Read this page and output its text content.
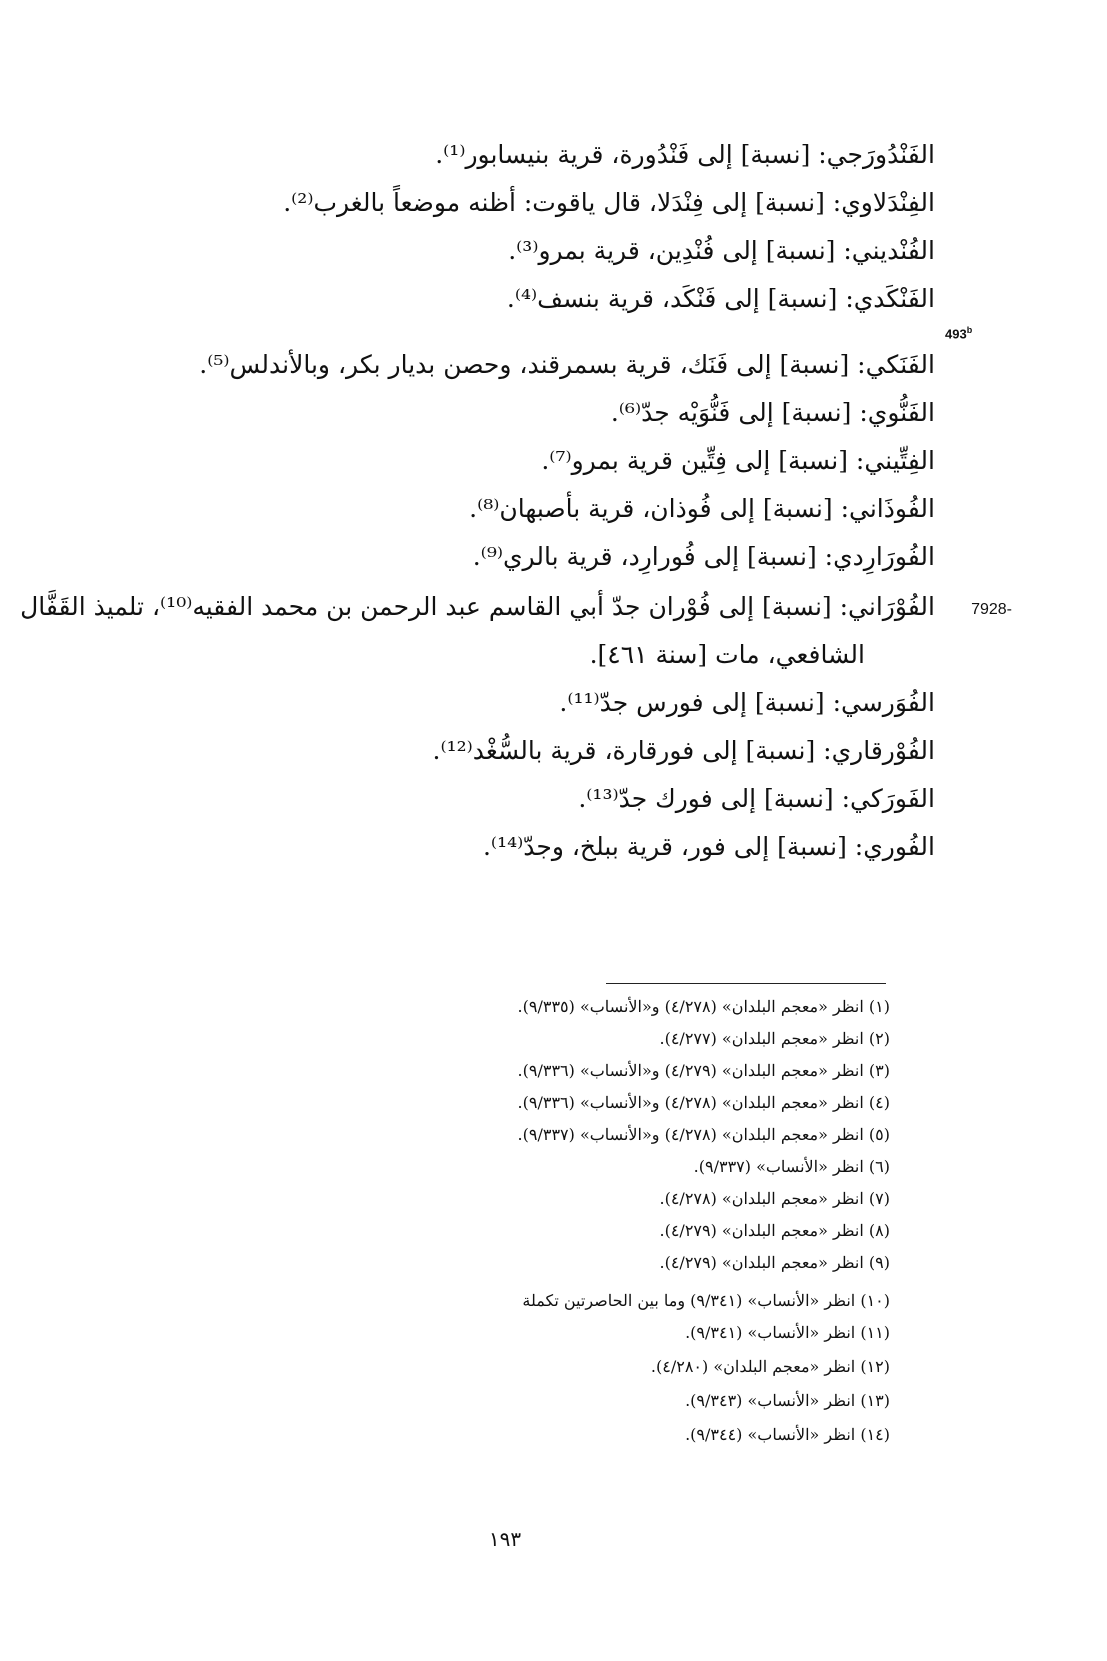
493$^b$
الفَنْدُورَجي: [نسبة] إلى فَنْدُورة، قرية بنيسابور⁽¹⁾.
الفِنْدَلاوي: [نسبة] إلى فِنْدَلا، قال ياقوت: أظنه موضعاً بالغرب⁽²⁾.
الفُنْديني: [نسبة] إلى فُنْدِين، قرية بمرو⁽³⁾.
الفَنْكَدي: [نسبة] إلى فَنْكَد، قرية بنسف⁽⁴⁾.
الفَنَكي: [نسبة] إلى فَنَك، قرية بسمرقند، وحصن بديار بكر، وبالأندلس⁽⁵⁾.
الفَنُّوي: [نسبة] إلى فَنُّوَيْه جدّ⁽⁶⁾.
الفِتِّيني: [نسبة] إلى فِتِّين قرية بمرو⁽⁷⁾.
الفُوذَاني: [نسبة] إلى فُوذان، قرية بأصبهان⁽⁸⁾.
الفُورَارِدي: [نسبة] إلى فُورارِد، قرية بالري⁽⁹⁾.
7928-
الفُوْرَاني: [نسبة] إلى فُوْران جدّ أبي القاسم عبد الرحمن بن محمد الفقيه⁽¹⁰⁾، تلميذ القَفَّال
الشافعي، مات [سنة ٤٦١].
الفُوَرسي: [نسبة] إلى فورس جدّ⁽¹¹⁾.
الفُوْرقاري: [نسبة] إلى فورقارة، قرية بالسُّغْد⁽¹²⁾.
الفَورَكي: [نسبة] إلى فورك جدّ⁽¹³⁾.
الفُوري: [نسبة] إلى فور، قرية ببلخ، وجدّ⁽¹⁴⁾.
(١) انظر «معجم البلدان» (٤/٢٧٨) و«الأنساب» (٩/٣٣٥).
(٢) انظر «معجم البلدان» (٤/٢٧٧).
(٣) انظر «معجم البلدان» (٤/٢٧٩) و«الأنساب» (٩/٣٣٦).
(٤) انظر «معجم البلدان» (٤/٢٧٨) و«الأنساب» (٩/٣٣٦).
(٥) انظر «معجم البلدان» (٤/٢٧٨) و«الأنساب» (٩/٣٣٧).
(٦) انظر «الأنساب» (٩/٣٣٧).
(٧) انظر «معجم البلدان» (٤/٢٧٨).
(٨) انظر «معجم البلدان» (٤/٢٧٩).
(٩) انظر «معجم البلدان» (٤/٢٧٩).
(١٠) انظر «الأنساب» (٩/٣٤١) وما بين الحاصرتين تكملة
(١١) انظر «الأنساب» (٩/٣٤١).
(١٢) انظر «معجم البلدان» (٤/٢٨٠).
(١٣) انظر «الأنساب» (٩/٣٤٣).
(١٤) انظر «الأنساب» (٩/٣٤٤).
١٩٣
